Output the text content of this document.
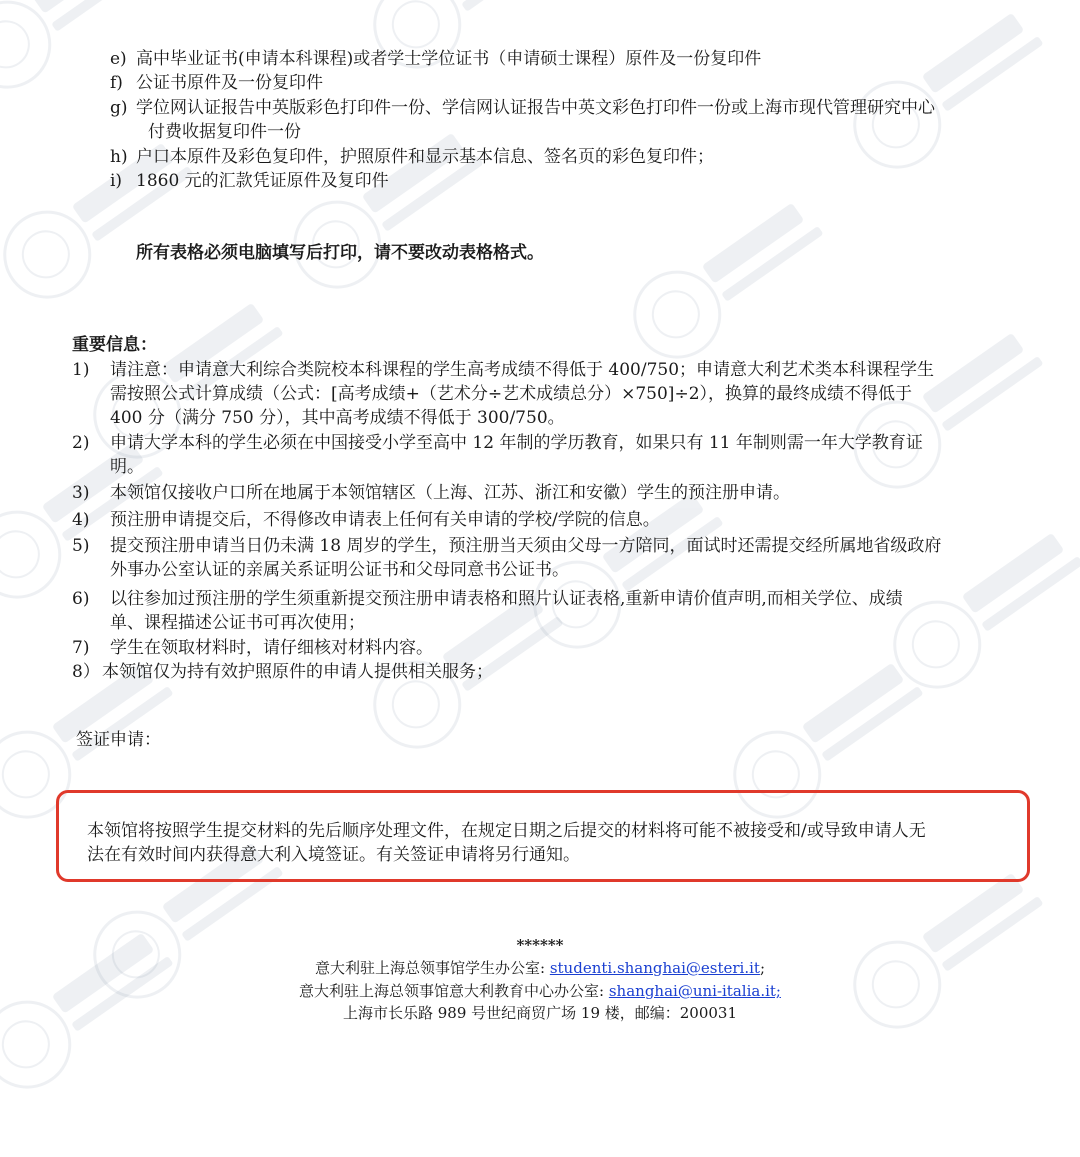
e) 高中毕业证书(申请本科课程)或者学士学位证书（申请硕士课程）原件及一份复印件
f) 公证书原件及一份复印件
g) 学位网认证报告中英版彩色打印件一份、学信网认证报告中英文彩色打印件一份或上海市现代管理研究中心
付费收据复印件一份
h) 户口本原件及彩色复印件，护照原件和显示基本信息、签名页的彩色复印件；
i) 1860 元的汇款凭证原件及复印件
所有表格必须电脑填写后打印，请不要改动表格格式。
重要信息：
1) 请注意：申请意大利综合类院校本科课程的学生高考成绩不得低于 400/750；申请意大利艺术类本科课程学生
需按照公式计算成绩（公式：[高考成绩+（艺术分÷艺术成绩总分）×750]÷2），换算的最终成绩不得低于
400 分（满分 750 分），其中高考成绩不得低于 300/750。
2) 申请大学本科的学生必须在中国接受小学至高中 12 年制的学历教育，如果只有 11 年制则需一年大学教育证
明。
3) 本领馆仅接收户口所在地属于本领馆辖区（上海、江苏、浙江和安徽）学生的预注册申请。
4) 预注册申请提交后，不得修改申请表上任何有关申请的学校/学院的信息。
5) 提交预注册申请当日仍未满 18 周岁的学生，预注册当天须由父母一方陪同，面试时还需提交经所属地省级政府
外事办公室认证的亲属关系证明公证书和父母同意书公证书。
6) 以往参加过预注册的学生须重新提交预注册申请表格和照片认证表格,重新申请价值声明,而相关学位、成绩
单、课程描述公证书可再次使用；
7) 学生在领取材料时，请仔细核对材料内容。
8） 本领馆仅为持有效护照原件的申请人提供相关服务；
签证申请：
本领馆将按照学生提交材料的先后顺序处理文件，在规定日期之后提交的材料将可能不被接受和/或导致申请人无
法在有效时间内获得意大利入境签证。有关签证申请将另行通知。
******
意大利驻上海总领事馆学生办公室: studenti.shanghai@esteri.it;
意大利驻上海总领事馆意大利教育中心办公室: shanghai@uni-italia.it;
上海市长乐路 989 号世纪商贸广场 19 楼，邮编：200031
